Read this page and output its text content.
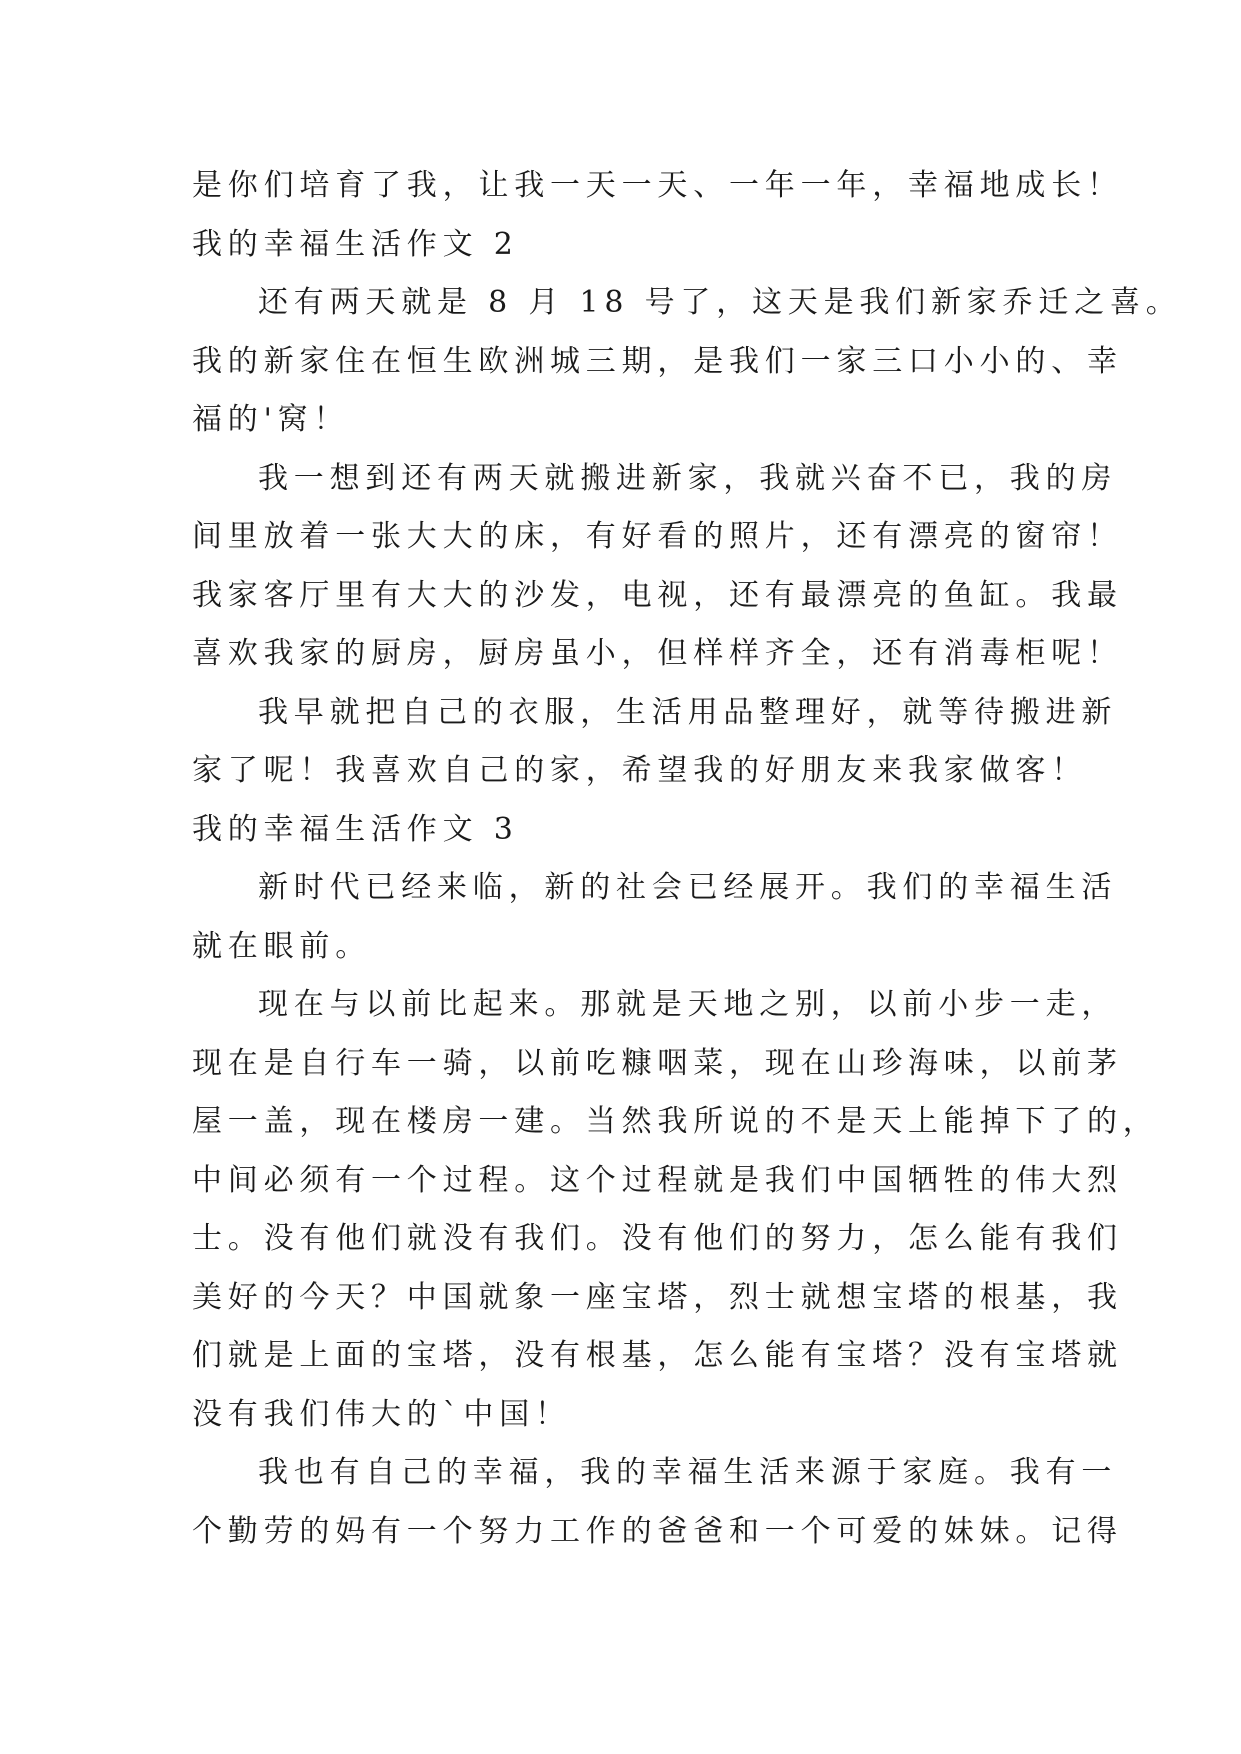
是你们培育了我，让我一天一天、一年一年，幸福地成长！
我的幸福生活作文 2
还有两天就是 8 月 18 号了，这天是我们新家乔迁之喜。
我的新家住在恒生欧洲城三期，是我们一家三口小小的、幸
福的'窝！
我一想到还有两天就搬进新家，我就兴奋不已，我的房
间里放着一张大大的床，有好看的照片，还有漂亮的窗帘！
我家客厅里有大大的沙发，电视，还有最漂亮的鱼缸。我最
喜欢我家的厨房，厨房虽小，但样样齐全，还有消毒柜呢！
我早就把自己的衣服，生活用品整理好，就等待搬进新
家了呢！我喜欢自己的家，希望我的好朋友来我家做客！
我的幸福生活作文 3
新时代已经来临，新的社会已经展开。我们的幸福生活
就在眼前。
现在与以前比起来。那就是天地之别，以前小步一走，
现在是自行车一骑，以前吃糠咽菜，现在山珍海味，以前茅
屋一盖，现在楼房一建。当然我所说的不是天上能掉下了的，
中间必须有一个过程。这个过程就是我们中国牺牲的伟大烈
士。没有他们就没有我们。没有他们的努力，怎么能有我们
美好的今天？中国就象一座宝塔，烈士就想宝塔的根基，我
们就是上面的宝塔，没有根基，怎么能有宝塔？没有宝塔就
没有我们伟大的`中国！
我也有自己的幸福，我的幸福生活来源于家庭。我有一
个勤劳的妈有一个努力工作的爸爸和一个可爱的妹妹。记得
